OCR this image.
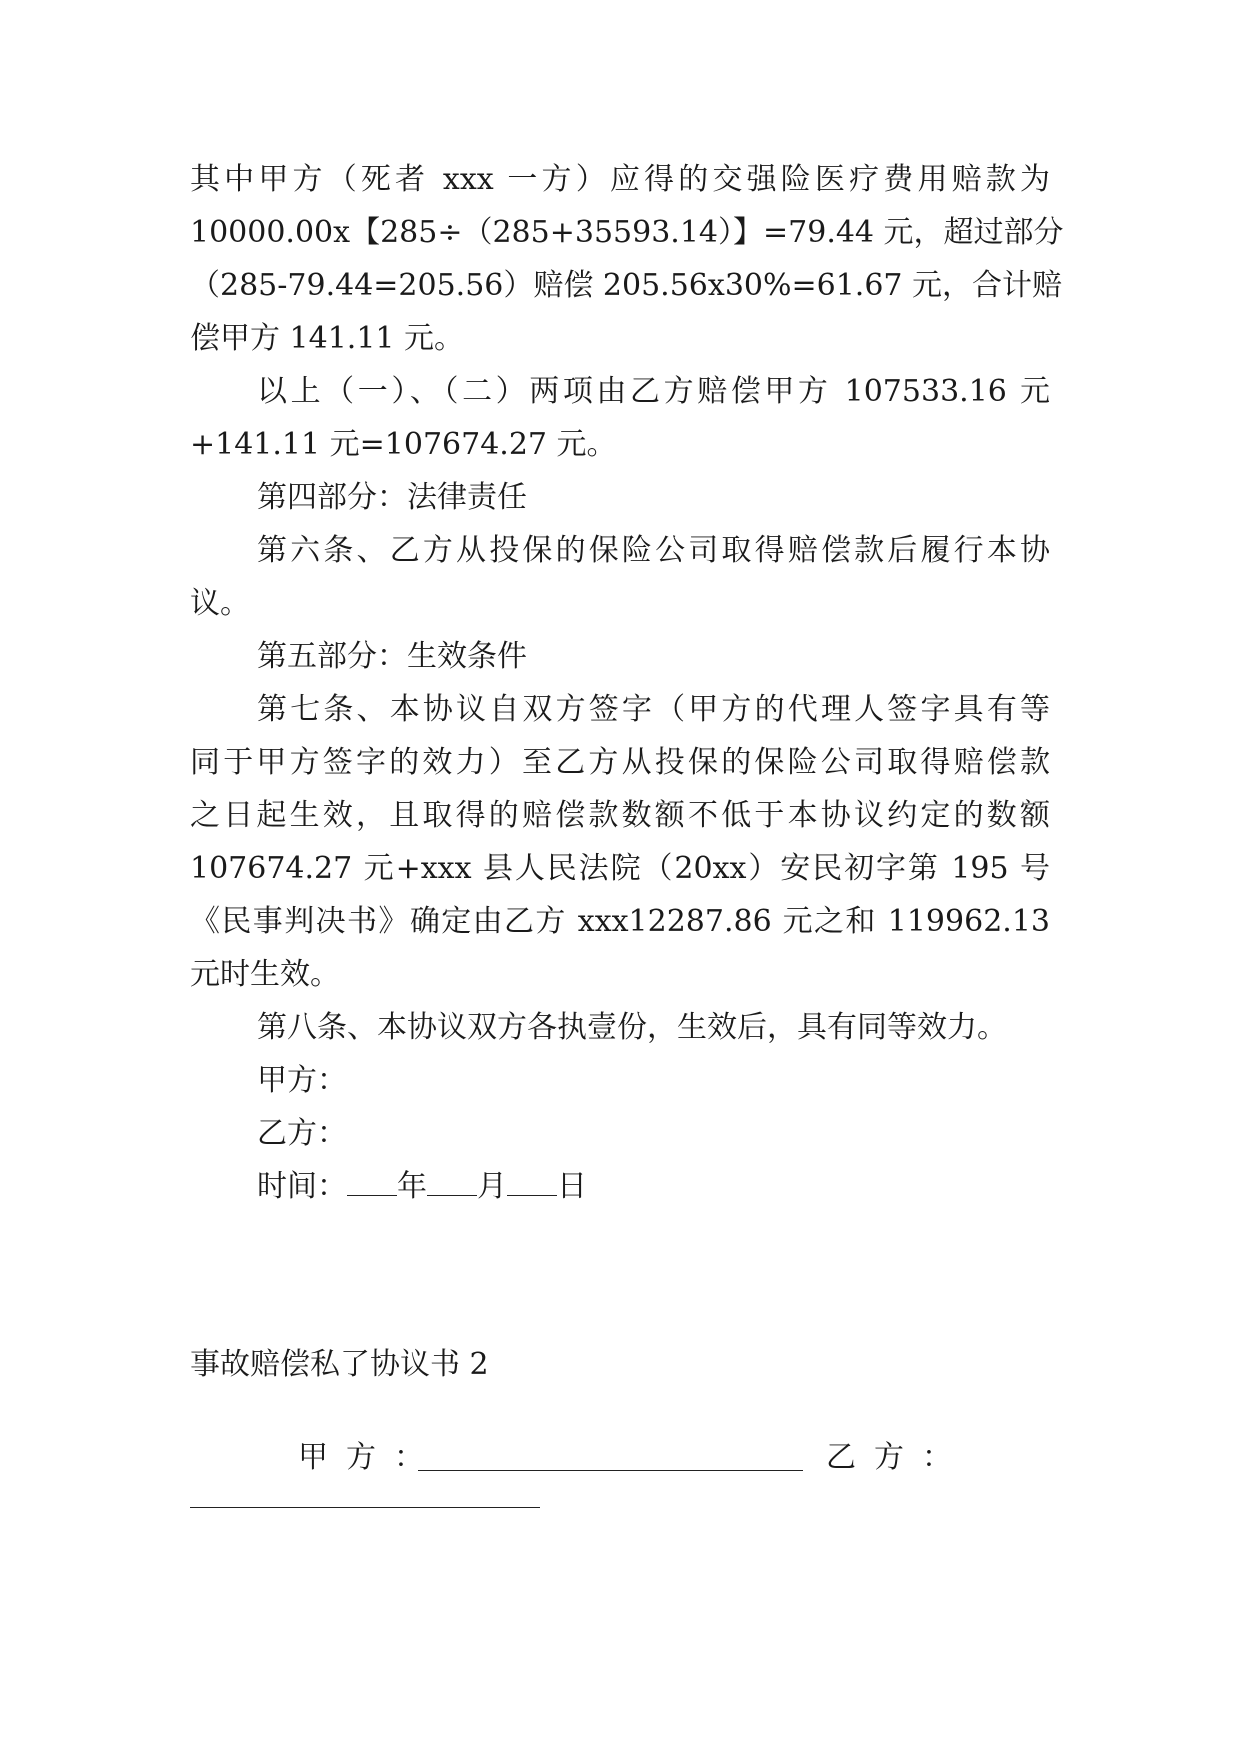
其中甲方（死者 xxx 一方）应得的交强险医疗费用赔款为
10000.00x【285÷（285+35593.14）】=79.44 元，超过部分
（285-79.44=205.56）赔偿 205.56x30%=61.67 元，合计赔
偿甲方 141.11 元。
以上（一）、（二）两项由乙方赔偿甲方 107533.16 元
+141.11 元=107674.27 元。
第四部分：法律责任
第六条、乙方从投保的保险公司取得赔偿款后履行本协
议。
第五部分：生效条件
第七条、本协议自双方签字（甲方的代理人签字具有等
同于甲方签字的效力）至乙方从投保的保险公司取得赔偿款
之日起生效，且取得的赔偿款数额不低于本协议约定的数额
107674.27 元+xxx 县人民法院（20xx）安民初字第 195 号
《民事判决书》确定由乙方 xxx12287.86 元之和 119962.13
元时生效。
第八条、本协议双方各执壹份，生效后，具有同等效力。
甲方：
乙方：
时间： 年 月 日
事故赔偿私了协议书 2

甲方：

	乙方：
